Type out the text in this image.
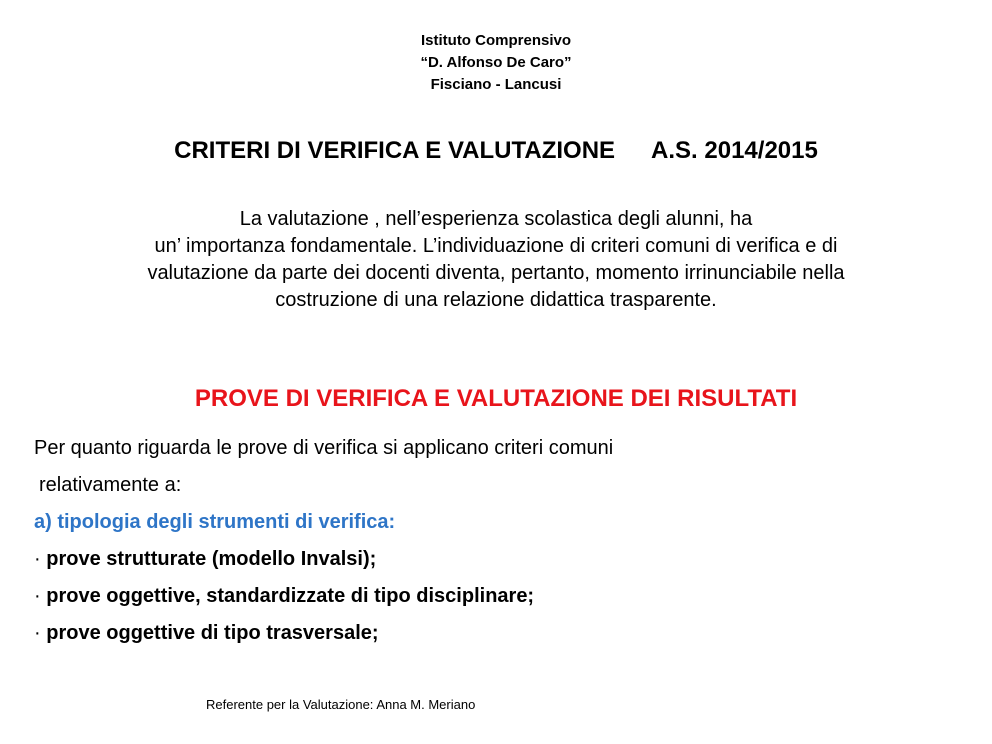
Istituto Comprensivo
“D. Alfonso De Caro”
Fisciano - Lancusi
CRITERI DI VERIFICA E VALUTAZIONE A.S. 2014/2015
La valutazione , nell’esperienza scolastica degli alunni, ha
un’ importanza fondamentale. L’individuazione di criteri comuni di verifica e di
valutazione da parte dei docenti diventa, pertanto, momento irrinunciabile nella
costruzione di una relazione didattica trasparente.
PROVE DI VERIFICA E VALUTAZIONE DEI RISULTATI
Per quanto riguarda le prove di verifica si applicano criteri comuni
relativamente a:
a) tipologia degli strumenti di verifica:
· prove strutturate (modello Invalsi);
· prove oggettive, standardizzate di tipo disciplinare;
· prove oggettive di tipo trasversale;
Referente per la Valutazione: Anna M. Meriano
